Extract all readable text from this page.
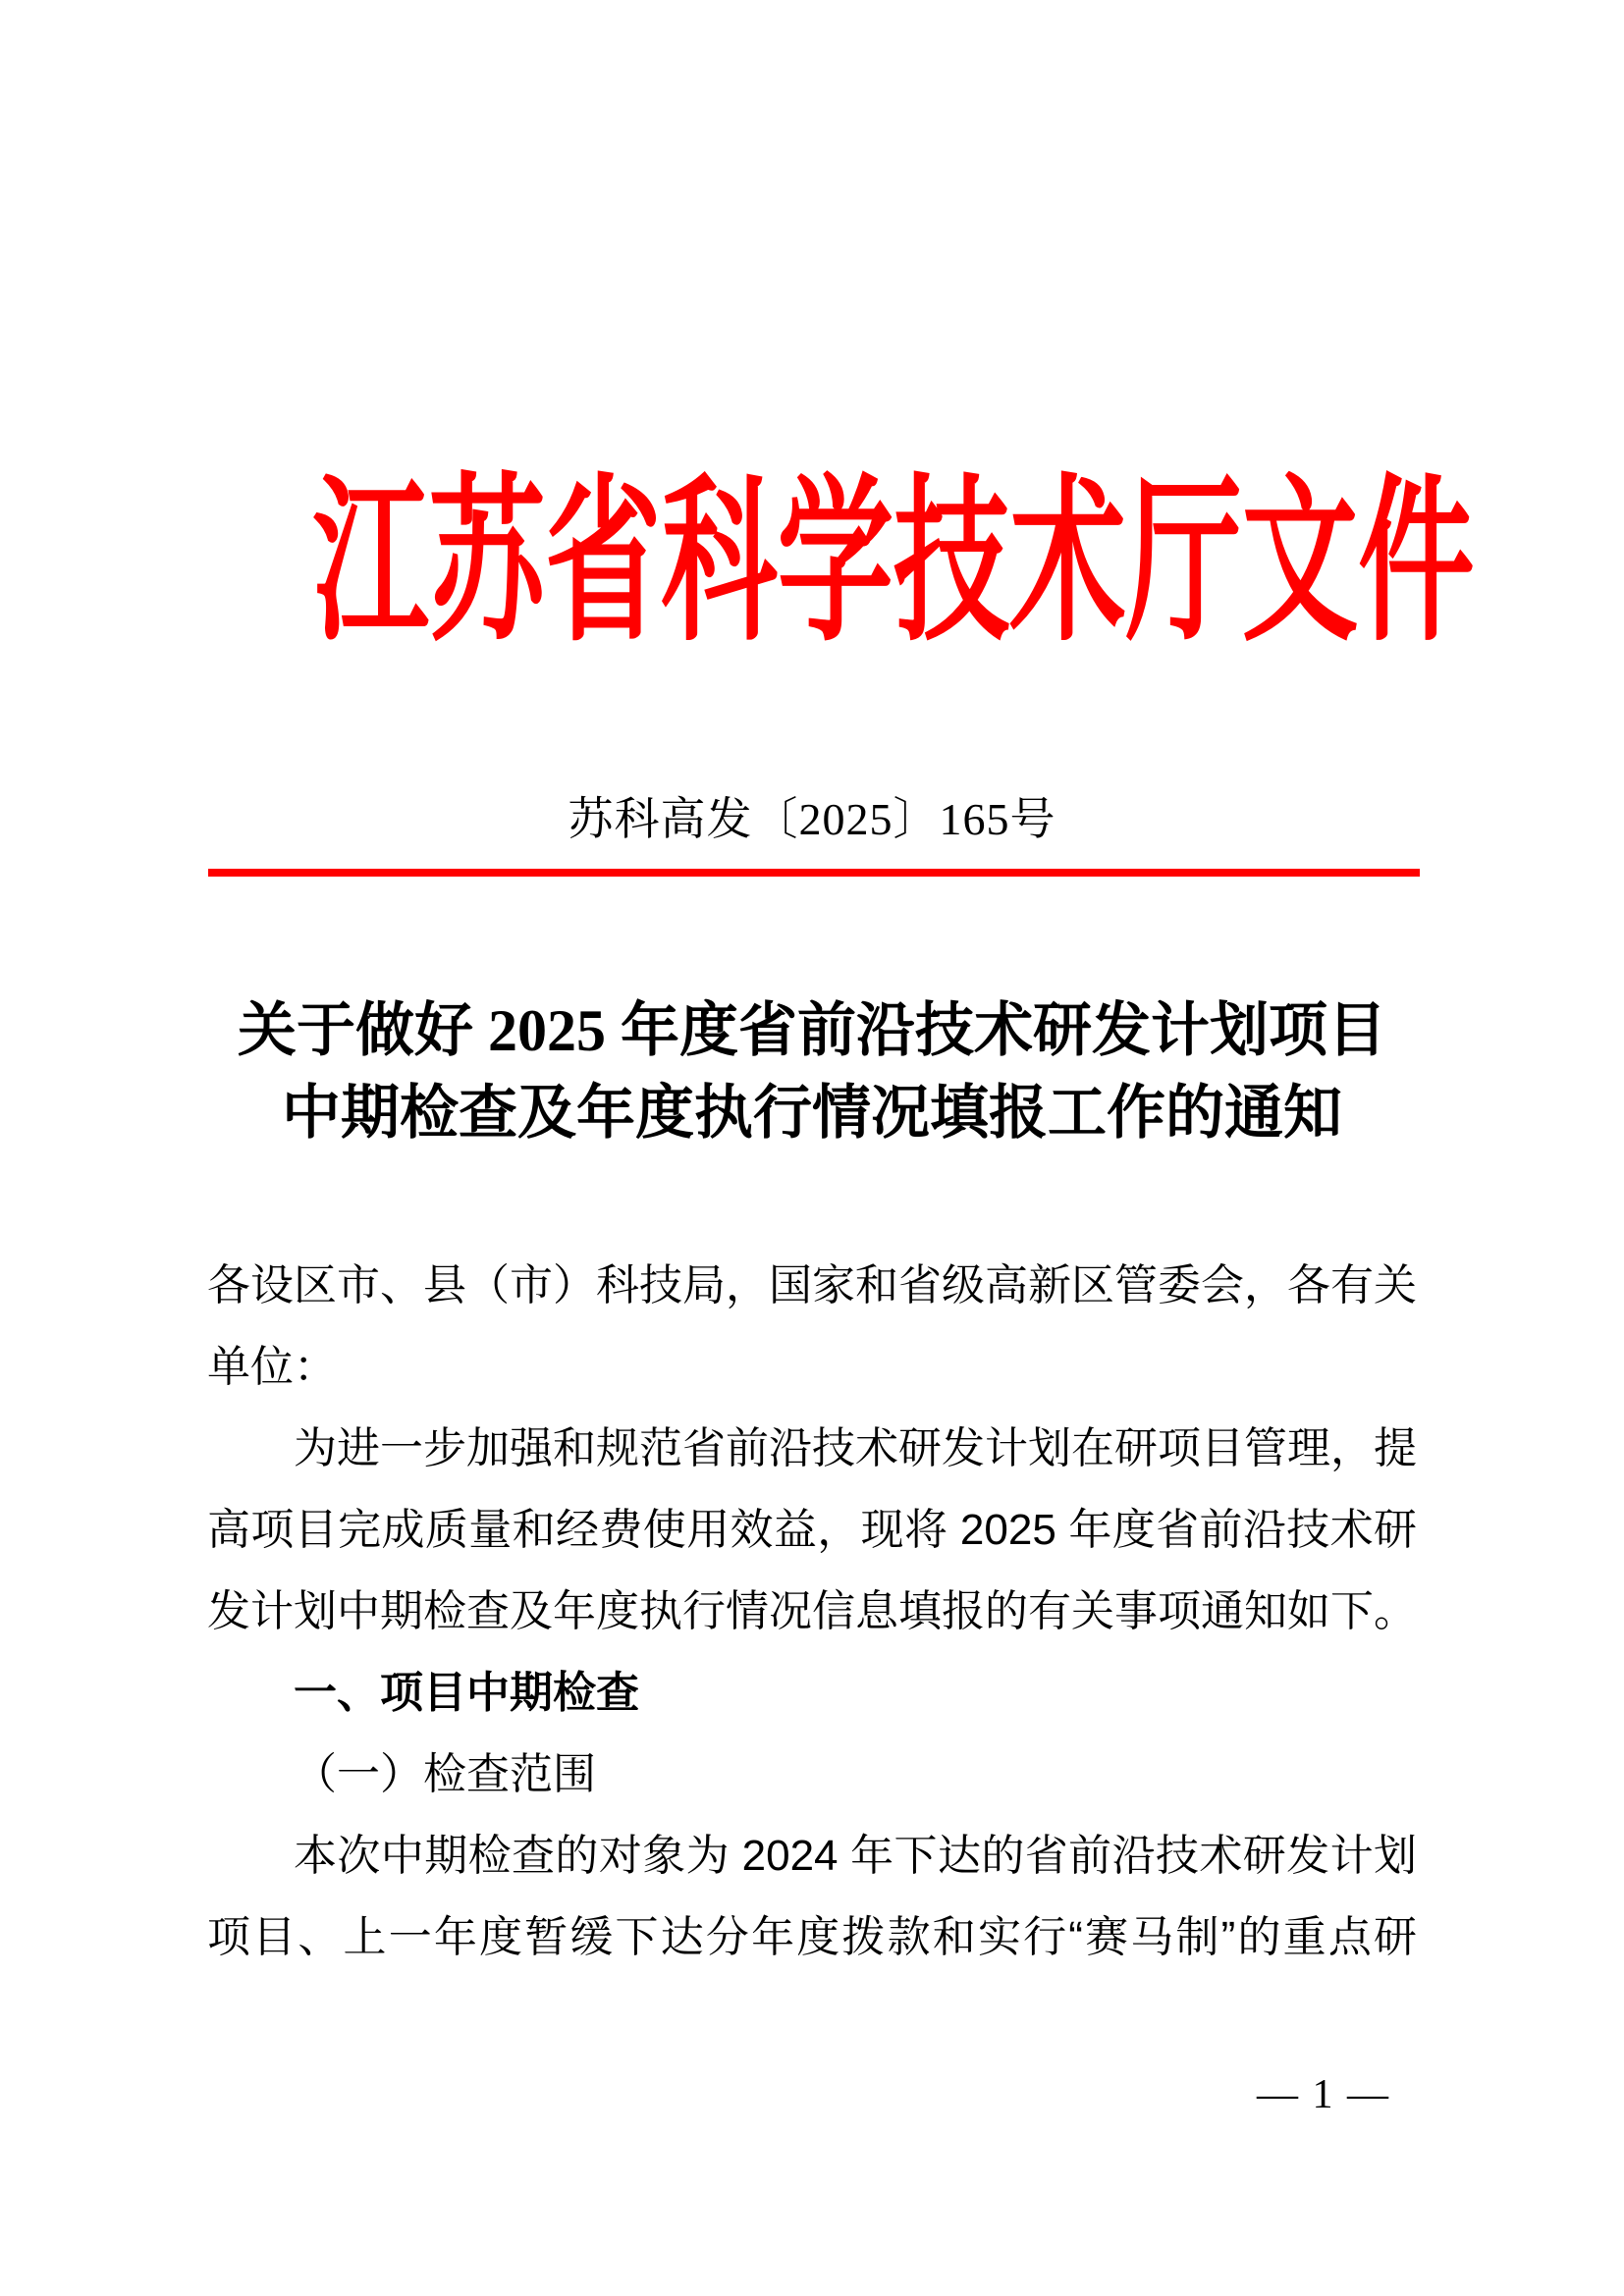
江苏省科学技术厅文件
苏科高发〔2025〕165号
关于做好 2025 年度省前沿技术研发计划项目
中期检查及年度执行情况填报工作的通知
各设区市、县（市）科技局，国家和省级高新区管委会，各有关
单位：
为进一步加强和规范省前沿技术研发计划在研项目管理，提
高项目完成质量和经费使用效益，现将 2025 年度省前沿技术研
发计划中期检查及年度执行情况信息填报的有关事项通知如下。
一、项目中期检查
（一）检查范围
本次中期检查的对象为 2024 年下达的省前沿技术研发计划
项目、上一年度暂缓下达分年度拨款和实行“赛马制”的重点研
— 1 —
